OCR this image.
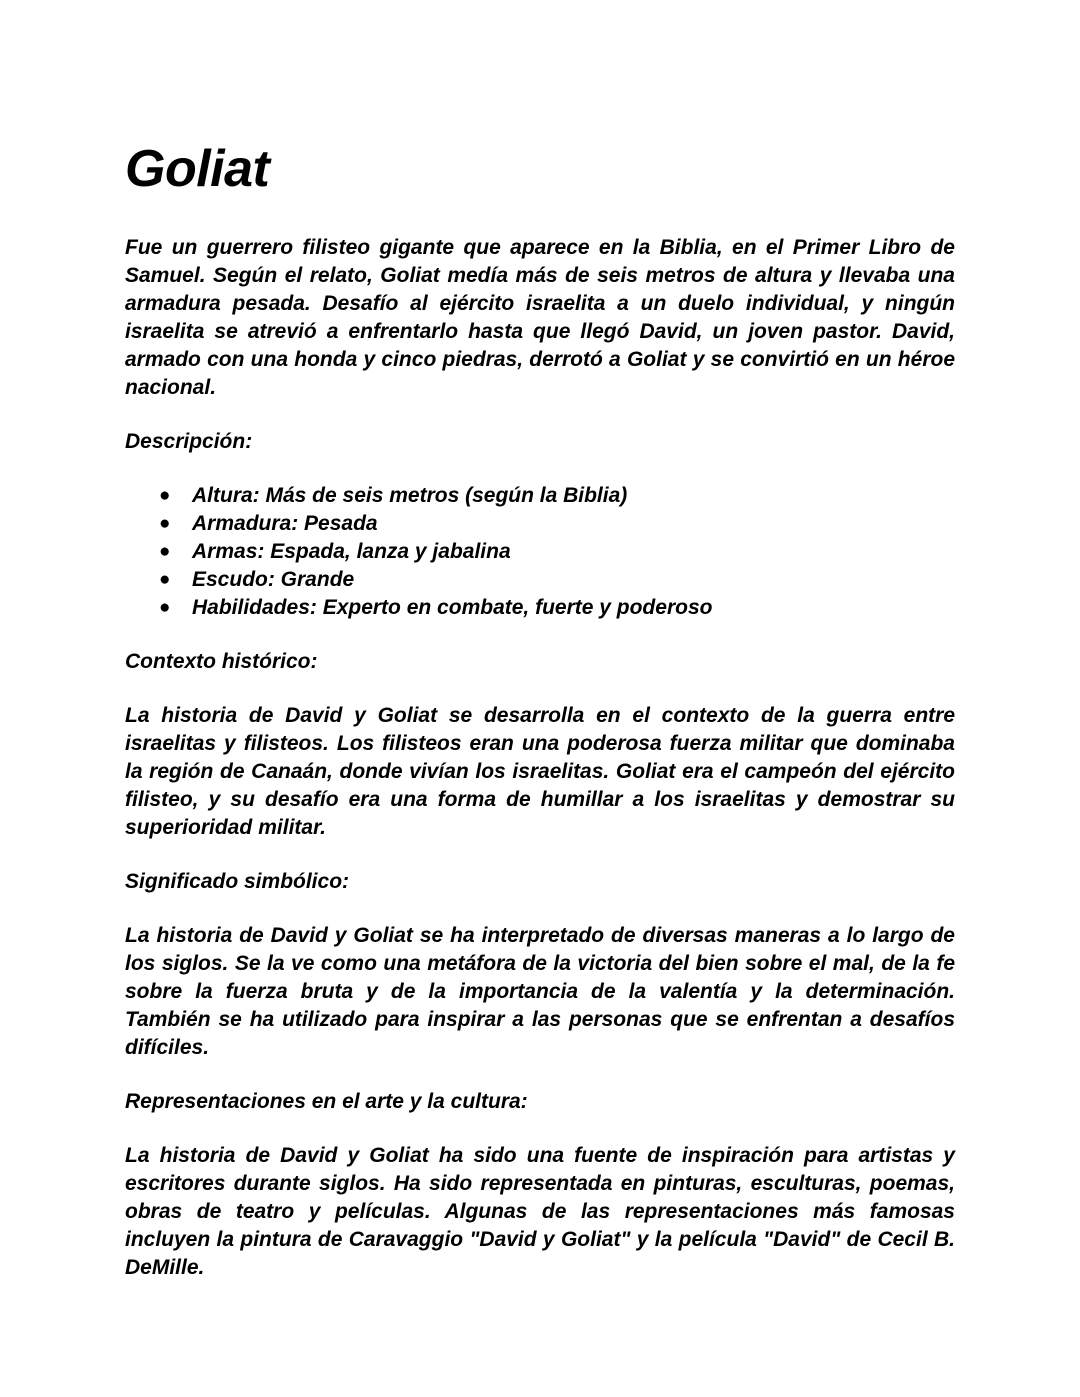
Goliat

Fue un guerrero filisteo gigante que aparece en la Biblia, en el Primer Libro de Samuel. Según el relato, Goliat medía más de seis metros de altura y llevaba una armadura pesada. Desafío al ejército israelita a un duelo individual, y ningún israelita se atrevió a enfrentarlo hasta que llegó David, un joven pastor. David, armado con una honda y cinco piedras, derrotó a Goliat y se convirtió en un héroe nacional.

Descripción:
● Altura: Más de seis metros (según la Biblia)
● Armadura: Pesada
● Armas: Espada, lanza y jabalina
● Escudo: Grande
● Habilidades: Experto en combate, fuerte y poderoso
Contexto histórico:

La historia de David y Goliat se desarrolla en el contexto de la guerra entre israelitas y filisteos. Los filisteos eran una poderosa fuerza militar que dominaba la región de Canaán, donde vivían los israelitas. Goliat era el campeón del ejército filisteo, y su desafío era una forma de humillar a los israelitas y demostrar su superioridad militar.

Significado simbólico:

La historia de David y Goliat se ha interpretado de diversas maneras a lo largo de los siglos. Se la ve como una metáfora de la victoria del bien sobre el mal, de la fe sobre la fuerza bruta y de la importancia de la valentía y la determinación. También se ha utilizado para inspirar a las personas que se enfrentan a desafíos difíciles.

Representaciones en el arte y la cultura:

La historia de David y Goliat ha sido una fuente de inspiración para artistas y escritores durante siglos. Ha sido representada en pinturas, esculturas, poemas, obras de teatro y películas. Algunas de las representaciones más famosas incluyen la pintura de Caravaggio "David y Goliat" y la película "David" de Cecil B. DeMille.
